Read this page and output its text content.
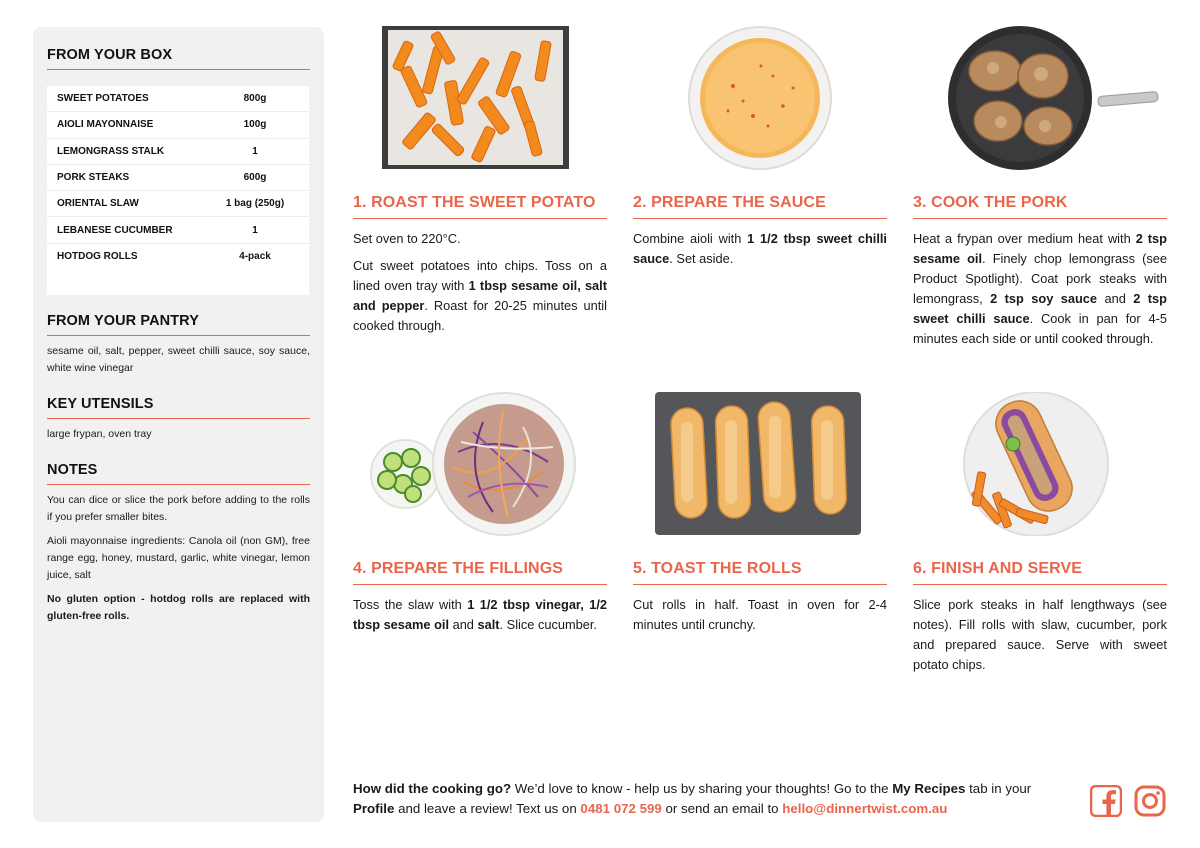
FROM YOUR BOX
SWEET POTATOES	800g
AIOLI MAYONNAISE	100g
LEMONGRASS STALK	1
PORK STEAKS	600g
ORIENTAL SLAW	1 bag (250g)
LEBANESE CUCUMBER	1
HOTDOG ROLLS	4-pack
FROM YOUR PANTRY
sesame oil, salt, pepper, sweet chilli sauce, soy sauce, white wine vinegar
KEY UTENSILS
large frypan, oven tray
NOTES
You can dice or slice the pork before adding to the rolls if you prefer smaller bites.
Aioli mayonnaise ingredients: Canola oil (non GM), free range egg, honey, mustard, garlic, white vinegar, lemon juice, salt
No gluten option - hotdog rolls are replaced with gluten-free rolls.
1. ROAST THE SWEET POTATO

Set oven to 220°C.

Cut sweet potatoes into chips. Toss on a lined oven tray with 1 tbsp sesame oil, salt and pepper. Roast for 20-25 minutes until cooked through.

2. PREPARE THE SAUCE

Combine aioli with 1 1/2 tbsp sweet chilli sauce. Set aside.

3. COOK THE PORK

Heat a frypan over medium heat with 2 tsp sesame oil. Finely chop lemongrass (see Product Spotlight). Coat pork steaks with lemongrass, 2 tsp soy sauce and 2 tsp sweet chilli sauce. Cook in pan for 4-5 minutes each side or until cooked through.

4. PREPARE THE FILLINGS

Toss the slaw with 1 1/2 tbsp vinegar, 1/2 tbsp sesame oil and salt. Slice cucumber.

5. TOAST THE ROLLS

Cut rolls in half. Toast in oven for 2-4 minutes until crunchy.

6. FINISH AND SERVE

Slice pork steaks in half lengthways (see notes). Fill rolls with slaw, cucumber, pork and prepared sauce. Serve with sweet potato chips.

How did the cooking go? We’d love to know - help us by sharing your thoughts! Go to the My Recipes tab in your Profile and leave a review! Text us on 0481 072 599 or send an email to hello@dinnertwist.com.au
